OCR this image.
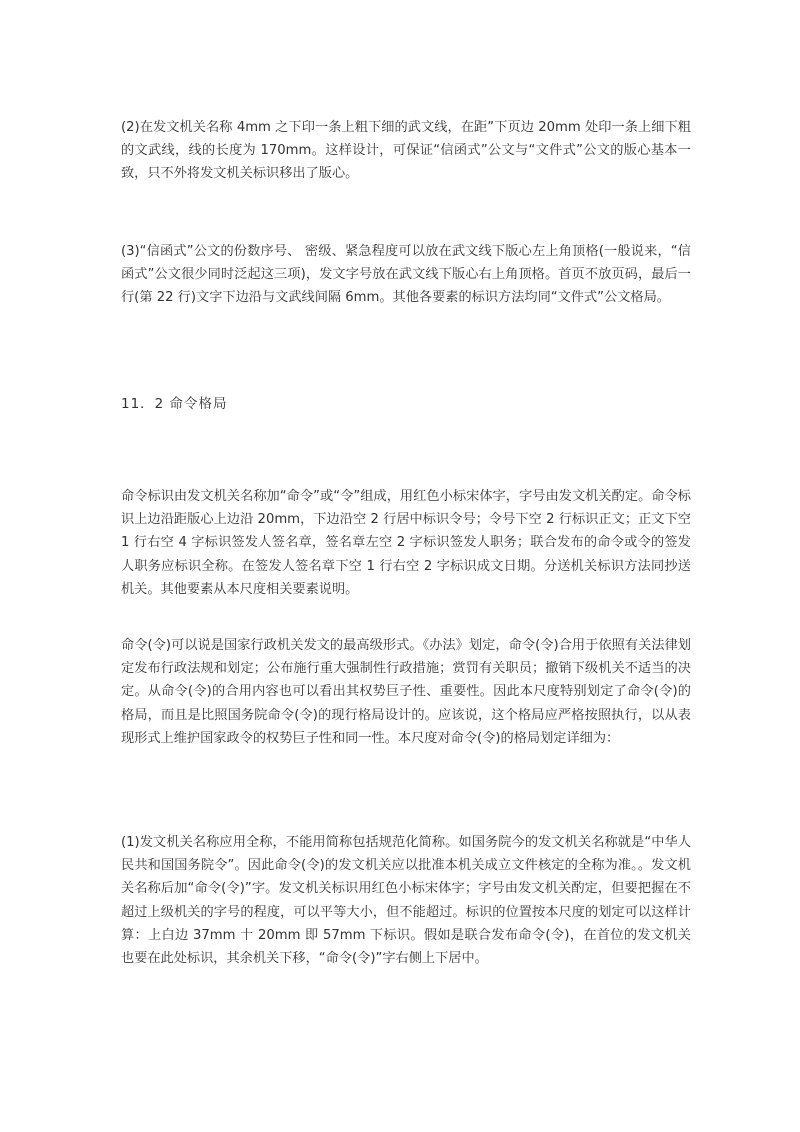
(2)在发文机关名称 4mm 之下印一条上粗下细的武文线，在距”下页边 20mm 处印一条上细下粗的文武线，线的长度为 170mm。这样设计，可保证“信函式”公文与“文件式”公文的版心基本一致，只不外将发文机关标识移出了版心。

(3)“信函式”公文的份数序号、 密级、紧急程度可以放在武文线下版心左上角顶格(一般说来，“信函式”公文很少同时泛起这三项)，发文字号放在武文线下版心右上角顶格。首页不放页码，最后一行(第 22 行)文字下边沿与文武线间隔 6mm。其他各要素的标识方法均同“文件式”公文格局。

11．2 命令格局

命令标识由发文机关名称加“命令”或“令”组成，用红色小标宋体字，字号由发文机关酌定。命令标识上边沿距版心上边沿 20mm，下边沿空 2 行居中标识令号；令号下空 2 行标识正文；正文下空 1 行右空 4 字标识签发人签名章，签名章左空 2 字标识签发人职务；联合发布的命令或令的签发人职务应标识全称。在签发人签名章下空 1 行右空 2 字标识成文日期。分送机关标识方法同抄送机关。其他要素从本尺度相关要素说明。

命令(令)可以说是国家行政机关发文的最高级形式。《办法》划定，命令(令)合用于依照有关法律划定发布行政法规和划定；公布施行重大强制性行政措施；赏罚有关职员；撤销下级机关不适当的决定。从命令(令)的合用内容也可以看出其权势巨子性、重要性。因此本尺度特别划定了命令(令)的格局，而且是比照国务院命令(令)的现行格局设计的。应该说，这个格局应严格按照执行，以从表现形式上维护国家政令的权势巨子性和同一性。本尺度对命令(令)的格局划定详细为：

(1)发文机关名称应用全称，不能用简称包括规范化简称。如国务院今的发文机关名称就是“中华人民共和国国务院令”。因此命令(令)的发文机关应以批准本机关成立文件核定的全称为准。。发文机关名称后加“命令(令)”字。发文机关标识用红色小标宋体字；字号由发文机关酌定，但要把握在不超过上级机关的字号的程度，可以平等大小，但不能超过。标识的位置按本尺度的划定可以这样计算：上白边 37mm 十 20mm 即 57mm 下标识。假如是联合发布命令(令)，在首位的发文机关也要在此处标识，其余机关下移，“命令(令)”字右侧上下居中。
